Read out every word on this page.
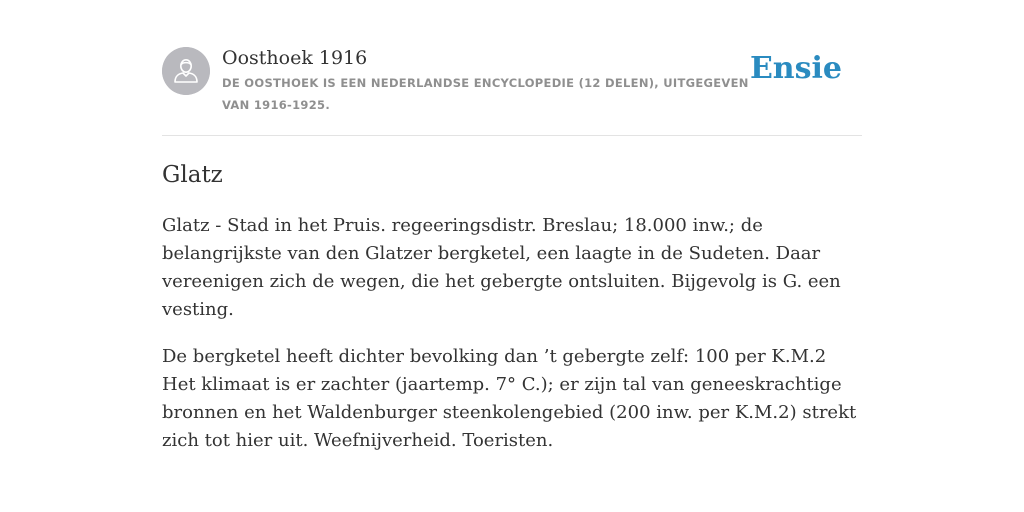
Oosthoek 1916
DE OOSTHOEK IS EEN NEDERLANDSE ENCYCLOPEDIE (12 DELEN), UITGEGEVEN VAN 1916-1925.
Ensie
Glatz

Glatz - Stad in het Pruis. regeeringsdistr. Breslau; 18.000 inw.; de belangrijkste van den Glatzer bergketel, een laagte in de Sudeten. Daar vereenigen zich de wegen, die het gebergte ontsluiten. Bijgevolg is G. een vesting.

De bergketel heeft dichter bevolking dan ’t gebergte zelf: 100 per K.M.2 Het klimaat is er zachter (jaartemp. 7° C.); er zijn tal van geneeskrachtige bronnen en het Waldenburger steenkolengebied (200 inw. per K.M.2) strekt zich tot hier uit. Weefnijverheid. Toeristen.
